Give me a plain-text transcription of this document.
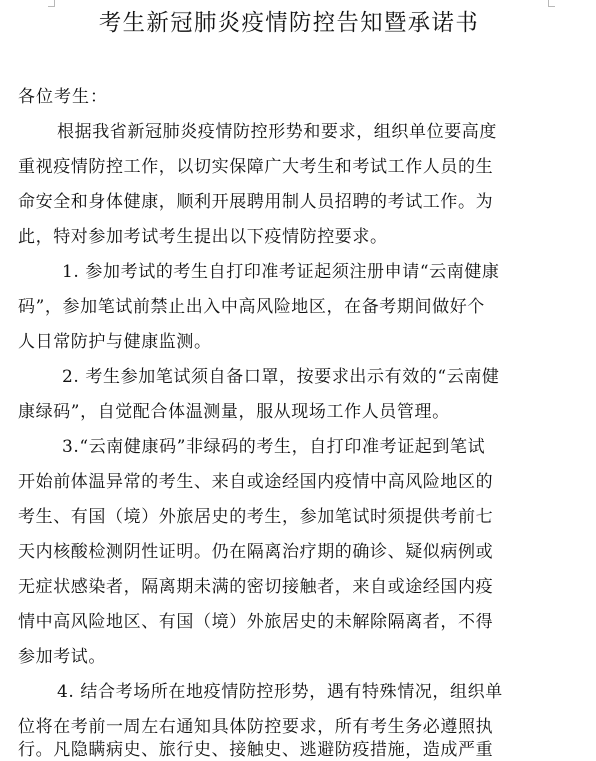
考生新冠肺炎疫情防控告知暨承诺书
各位考生：
根据我省新冠肺炎疫情防控形势和要求，组织单位要高度
重视疫情防控工作，以切实保障广大考生和考试工作人员的生
命安全和身体健康，顺利开展聘用制人员招聘的考试工作。为
此，特对参加考试考生提出以下疫情防控要求。
1. 参加考试的考生自打印准考证起须注册申请“云南健康
码”，参加笔试前禁止出入中高风险地区，在备考期间做好个
人日常防护与健康监测。
2. 考生参加笔试须自备口罩，按要求出示有效的“云南健
康绿码”，自觉配合体温测量，服从现场工作人员管理。
3.“云南健康码”非绿码的考生，自打印准考证起到笔试
开始前体温异常的考生、来自或途经国内疫情中高风险地区的
考生、有国（境）外旅居史的考生，参加笔试时须提供考前七
天内核酸检测阴性证明。仍在隔离治疗期的确诊、疑似病例或
无症状感染者，隔离期未满的密切接触者，来自或途经国内疫
情中高风险地区、有国（境）外旅居史的未解除隔离者，不得
参加考试。
4. 结合考场所在地疫情防控形势，遇有特殊情况，组织单
位将在考前一周左右通知具体防控要求，所有考生务必遵照执
行。凡隐瞒病史、旅行史、接触史、逃避防疫措施，造成严重
